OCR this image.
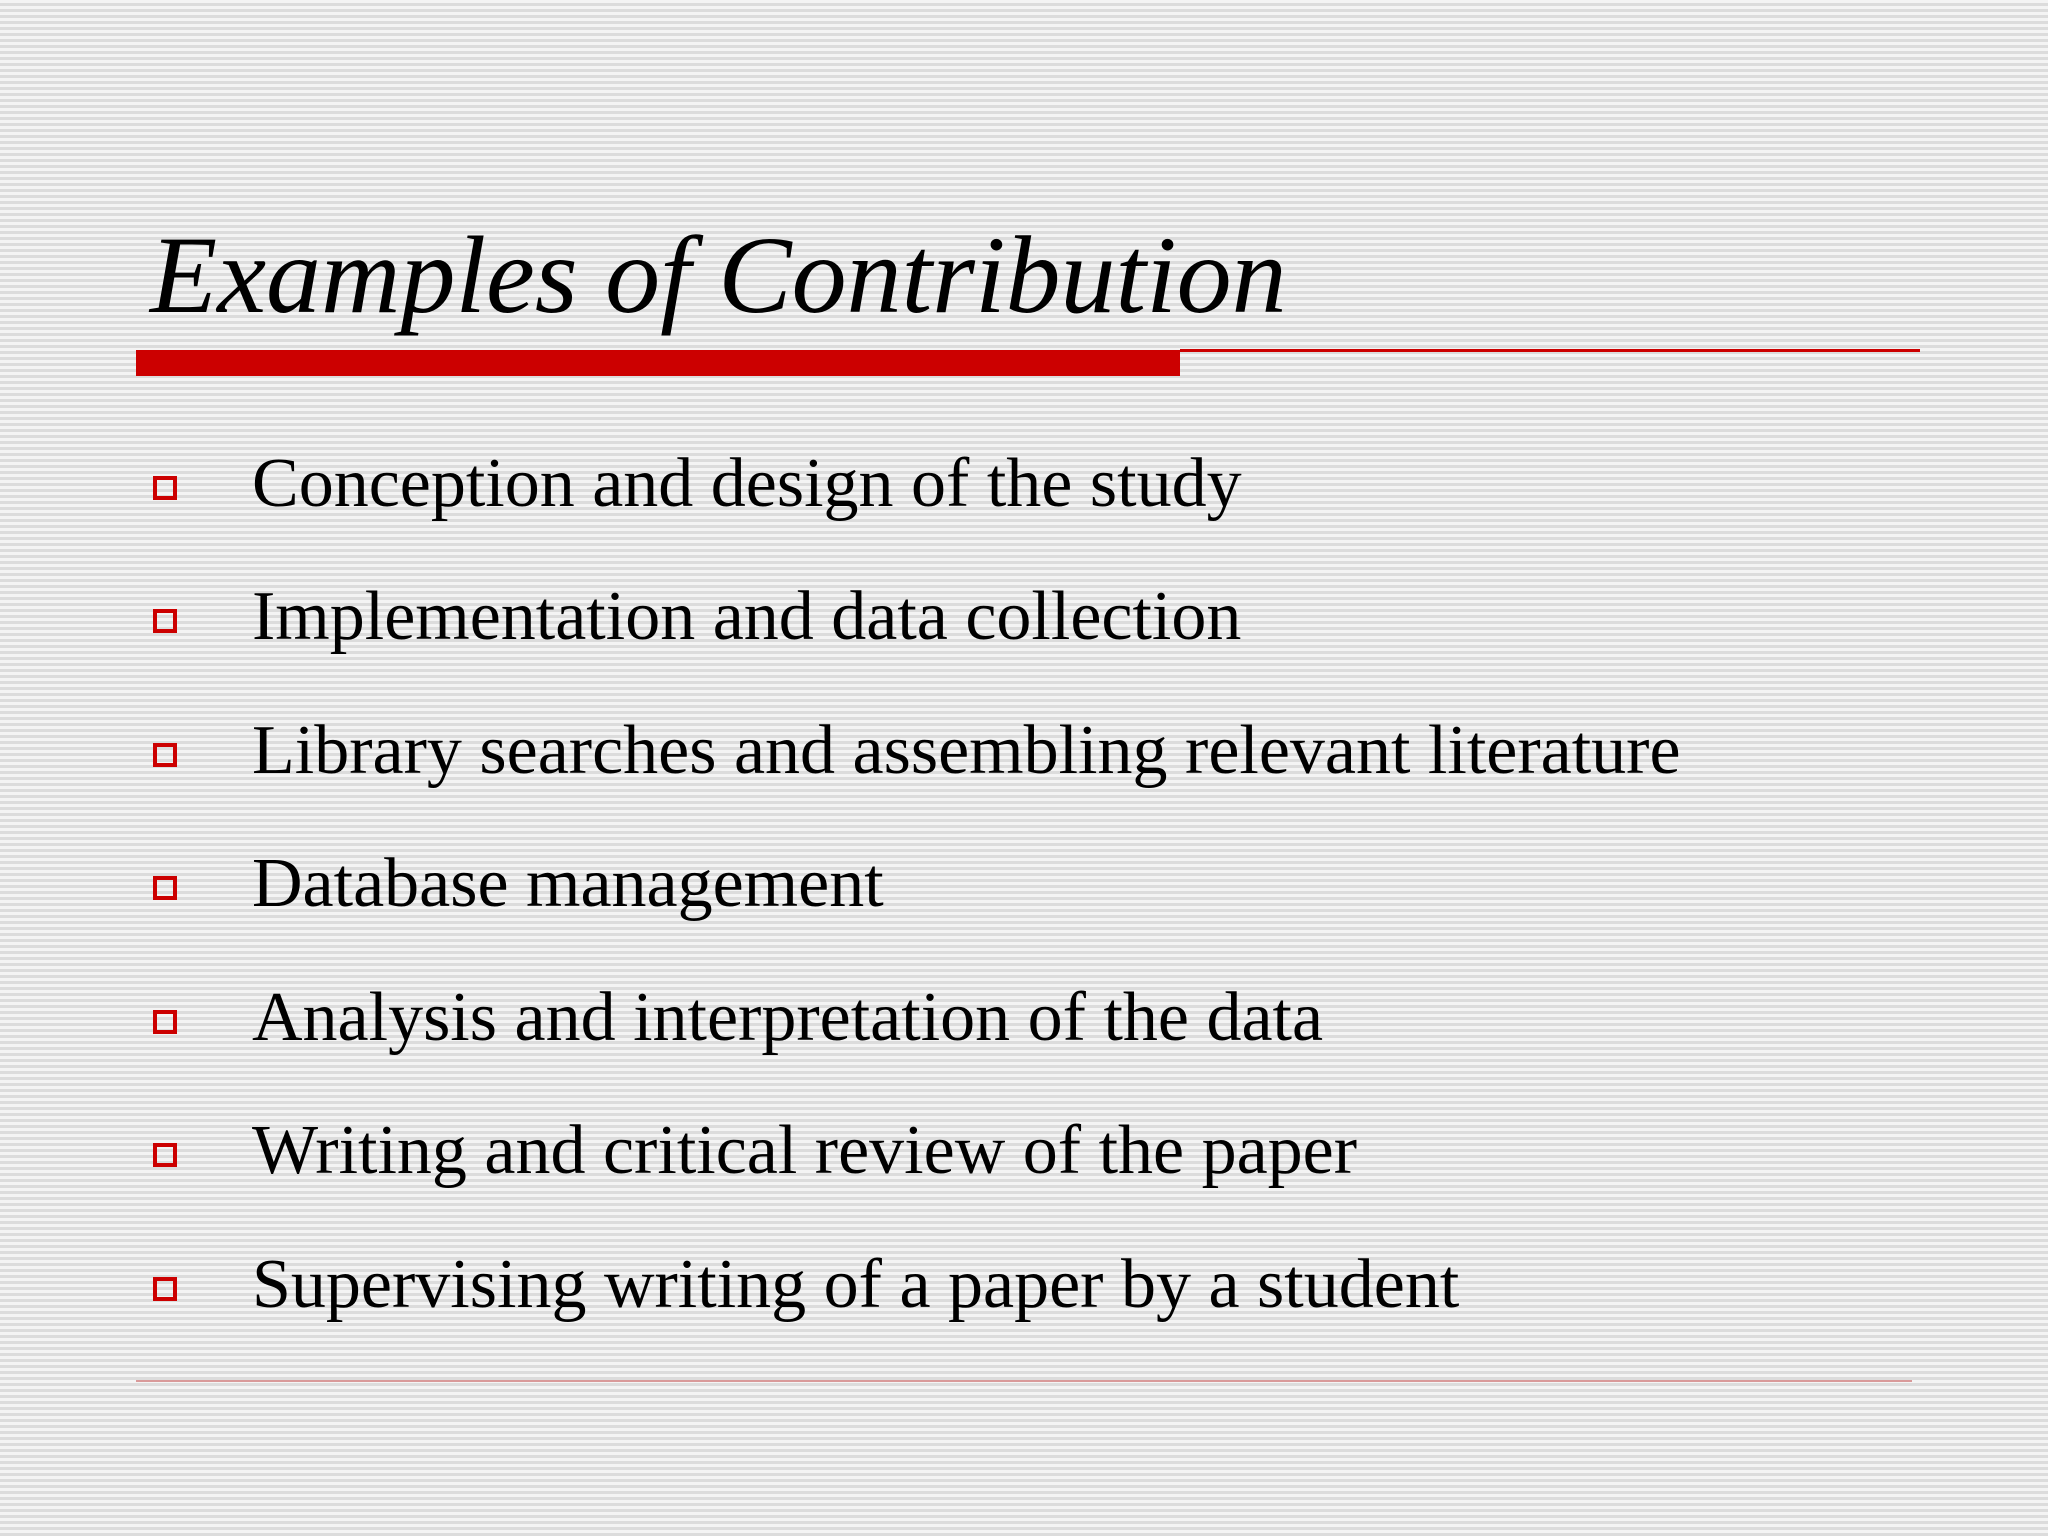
Examples of Contribution
Conception and design of the study
Implementation and data collection
Library searches and assembling relevant literature
Database management
Analysis and interpretation of the data
Writing and critical review of the paper
Supervising writing of a paper by a student
